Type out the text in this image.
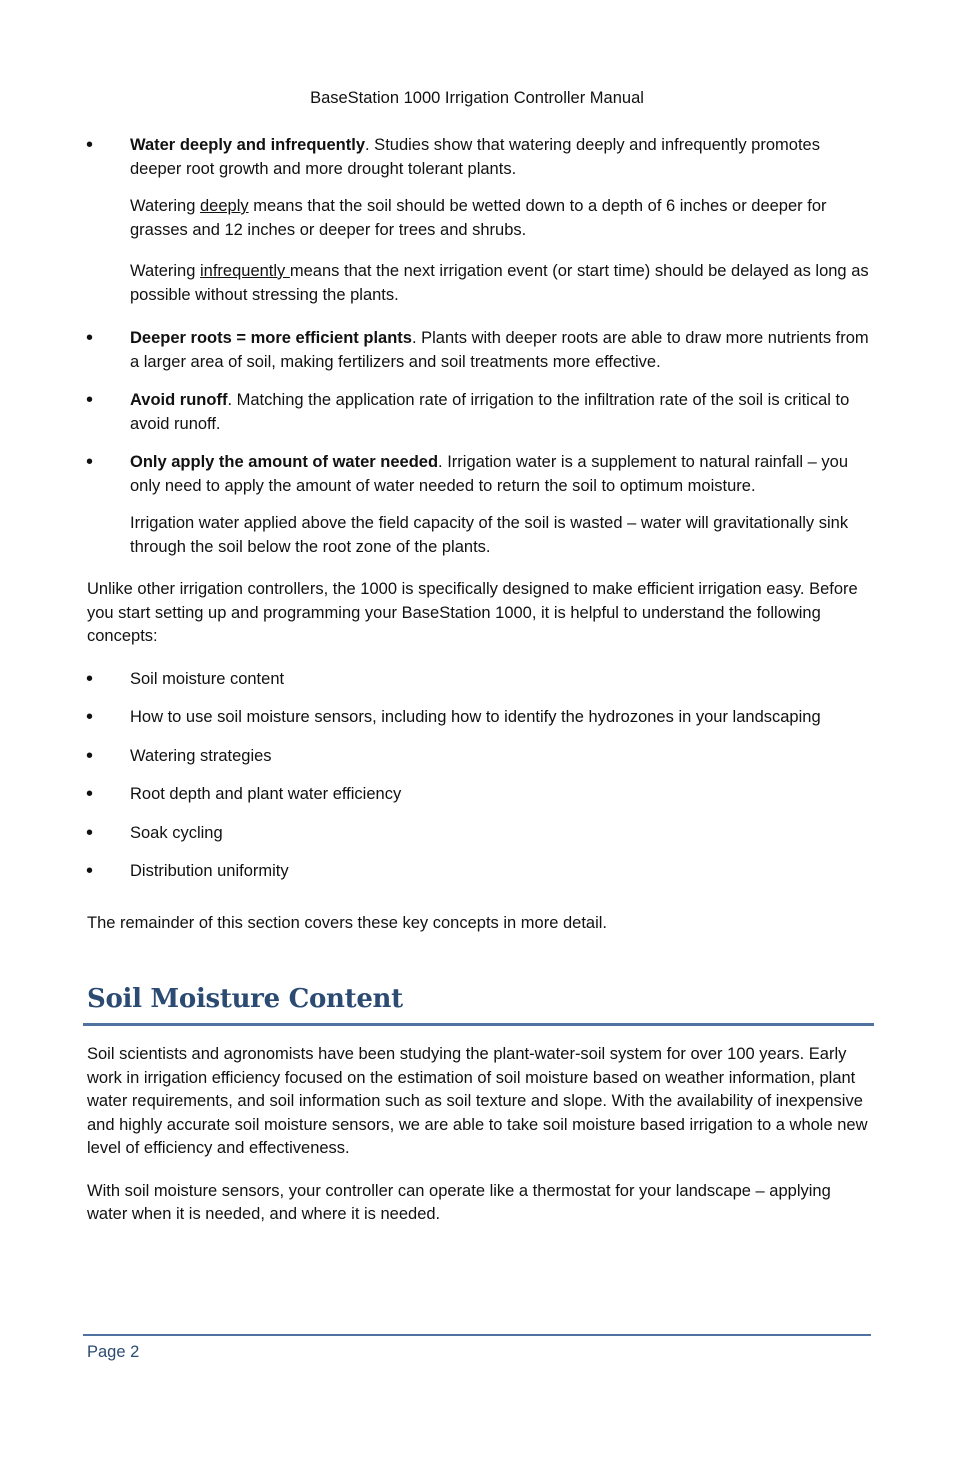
BaseStation 1000 Irrigation Controller Manual
• Water deeply and infrequently. Studies show that watering deeply and infrequently promotes deeper root growth and more drought tolerant plants.
Watering deeply means that the soil should be wetted down to a depth of 6 inches or deeper for grasses and 12 inches or deeper for trees and shrubs.
Watering infrequently means that the next irrigation event (or start time) should be delayed as long as possible without stressing the plants.
• Deeper roots = more efficient plants. Plants with deeper roots are able to draw more nutrients from a larger area of soil, making fertilizers and soil treatments more effective.
• Avoid runoff. Matching the application rate of irrigation to the infiltration rate of the soil is critical to avoid runoff.
• Only apply the amount of water needed. Irrigation water is a supplement to natural rainfall – you only need to apply the amount of water needed to return the soil to optimum moisture.
Irrigation water applied above the field capacity of the soil is wasted – water will gravitationally sink through the soil below the root zone of the plants.
Unlike other irrigation controllers, the 1000 is specifically designed to make efficient irrigation easy. Before you start setting up and programming your BaseStation 1000, it is helpful to understand the following concepts:
• Soil moisture content
• How to use soil moisture sensors, including how to identify the hydrozones in your landscaping
• Watering strategies
• Root depth and plant water efficiency
• Soak cycling
• Distribution uniformity
The remainder of this section covers these key concepts in more detail.
Soil Moisture Content
Soil scientists and agronomists have been studying the plant-water-soil system for over 100 years. Early work in irrigation efficiency focused on the estimation of soil moisture based on weather information, plant water requirements, and soil information such as soil texture and slope. With the availability of inexpensive and highly accurate soil moisture sensors, we are able to take soil moisture based irrigation to a whole new level of efficiency and effectiveness.
With soil moisture sensors, your controller can operate like a thermostat for your landscape – applying water when it is needed, and where it is needed.
Page 2
